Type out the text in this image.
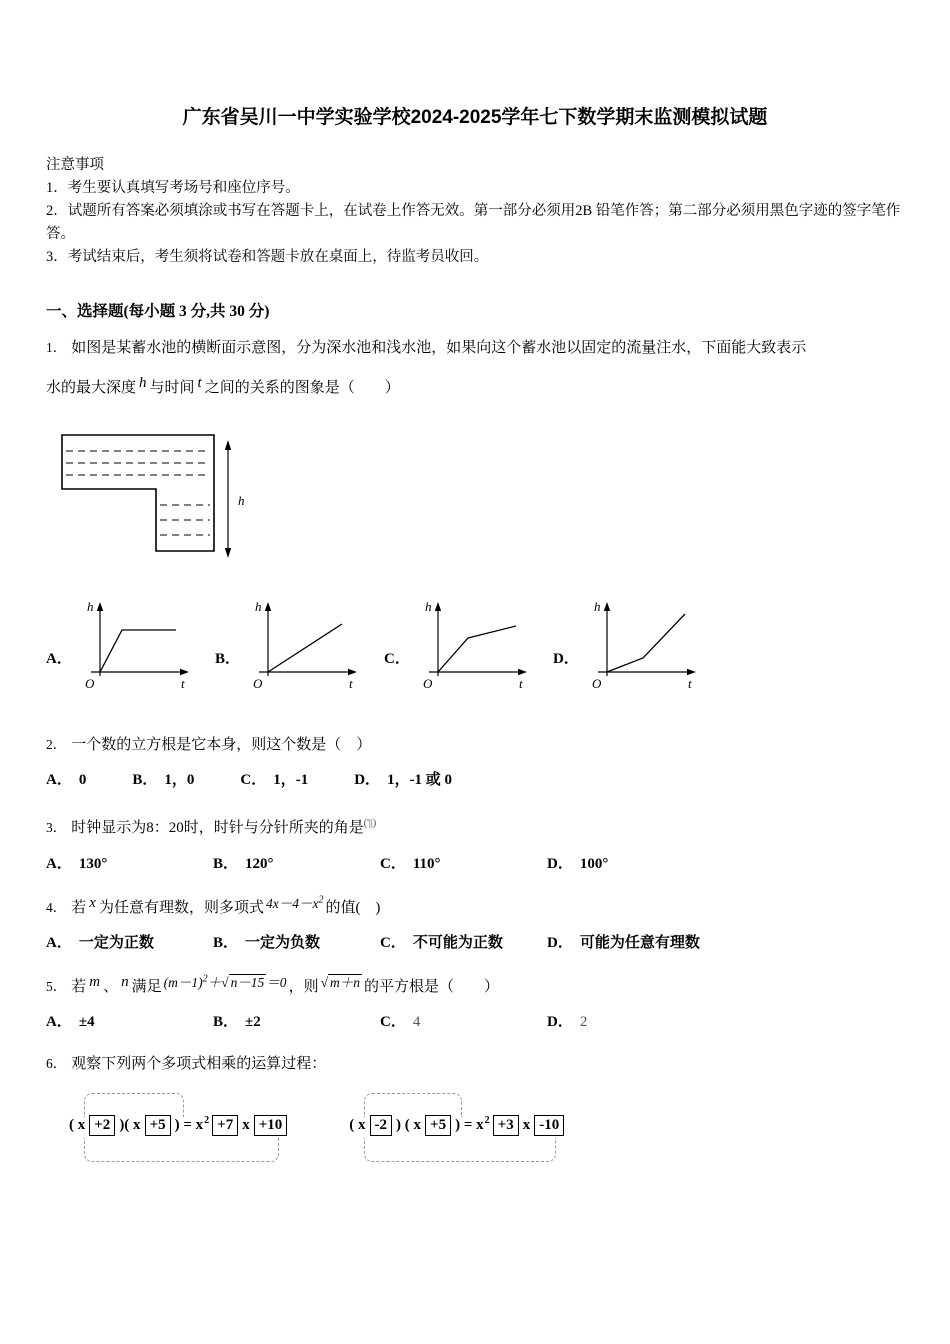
广东省吴川一中学实验学校2024-2025学年七下数学期末监测模拟试题
注意事项
1．考生要认真填写考场号和座位序号。
2．试题所有答案必须填涂或书写在答题卡上，在试卷上作答无效。第一部分必须用2B 铅笔作答；第二部分必须用黑色字迹的签字笔作答。
3．考试结束后，考生须将试卷和答题卡放在桌面上，待监考员收回。
一、选择题(每小题 3 分,共 30 分)
1． 如图是某蓄水池的横断面示意图，分为深水池和浅水池，如果向这个蓄水池以固定的流量注水，下面能大致表示
水的最大深度 h 与时间 t 之间的关系的图象是（　　）
h
A．
h
O	t
B．
h
O	t
C．
h
O	t
D．
h
O	t
2． 一个数的立方根是它本身，则这个数是（　）
A． 0	B． 1，0	C． 1，-1	D． 1，-1 或 0
3． 时钟显示为8：20时，时针与分针所夹的角是('||)
A． 130°	B． 120°	C． 110°	D． 100°
4． 若 x 为任意有理数，则多项式 $4x-4-x^2$ 的值(　)
A． 一定为正数	B． 一定为负数	C． 不可能为正数	D． 可能为任意有理数
5． 若 m 、 n 满足 $(m-1)^2+√$ n－15 ＝0 ，则 √ m＋n 的平方根是（　　）
A． ±4	B． ±2	C． 4	D． 2
6． 观察下列两个多项式相乘的运算过程：
( x +2 )( x +5 ) = $x^2 +7$ x +10	( x -2 ) ( x +5 ) = $x^2 +3$ x -10
